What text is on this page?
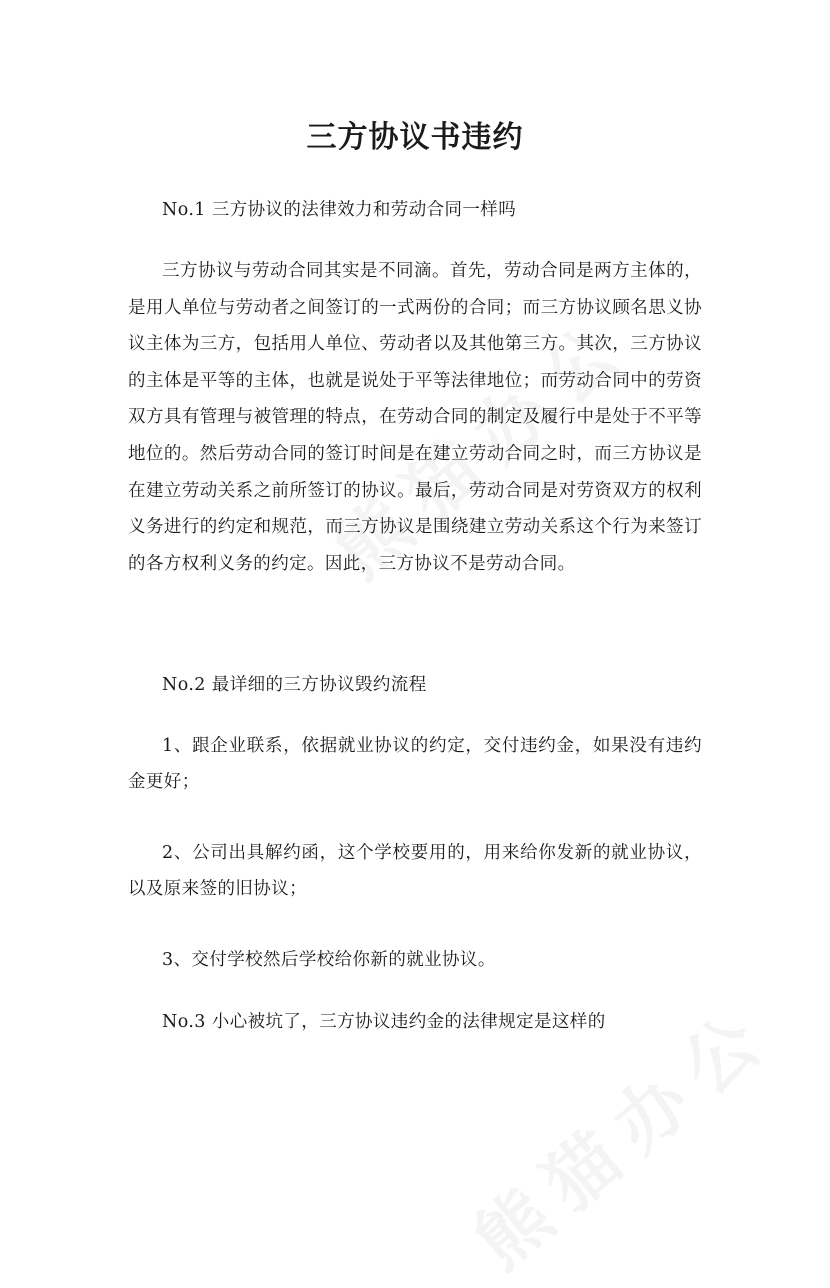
三方协议书违约

No.1 三方协议的法律效力和劳动合同一样吗

三方协议与劳动合同其实是不同滴。首先，劳动合同是两方主体的，是用人单位与劳动者之间签订的一式两份的合同；而三方协议顾名思义协议主体为三方，包括用人单位、劳动者以及其他第三方。其次，三方协议的主体是平等的主体，也就是说处于平等法律地位；而劳动合同中的劳资双方具有管理与被管理的特点，在劳动合同的制定及履行中是处于不平等地位的。然后劳动合同的签订时间是在建立劳动合同之时，而三方协议是在建立劳动关系之前所签订的协议。最后，劳动合同是对劳资双方的权利义务进行的约定和规范，而三方协议是围绕建立劳动关系这个行为来签订的各方权利义务的约定。因此，三方协议不是劳动合同。

No.2 最详细的三方协议毁约流程

1、跟企业联系，依据就业协议的约定，交付违约金，如果没有违约金更好；

2、公司出具解约函，这个学校要用的，用来给你发新的就业协议，以及原来签的旧协议；

3、交付学校然后学校给你新的就业协议。

No.3 小心被坑了，三方协议违约金的法律规定是这样的
